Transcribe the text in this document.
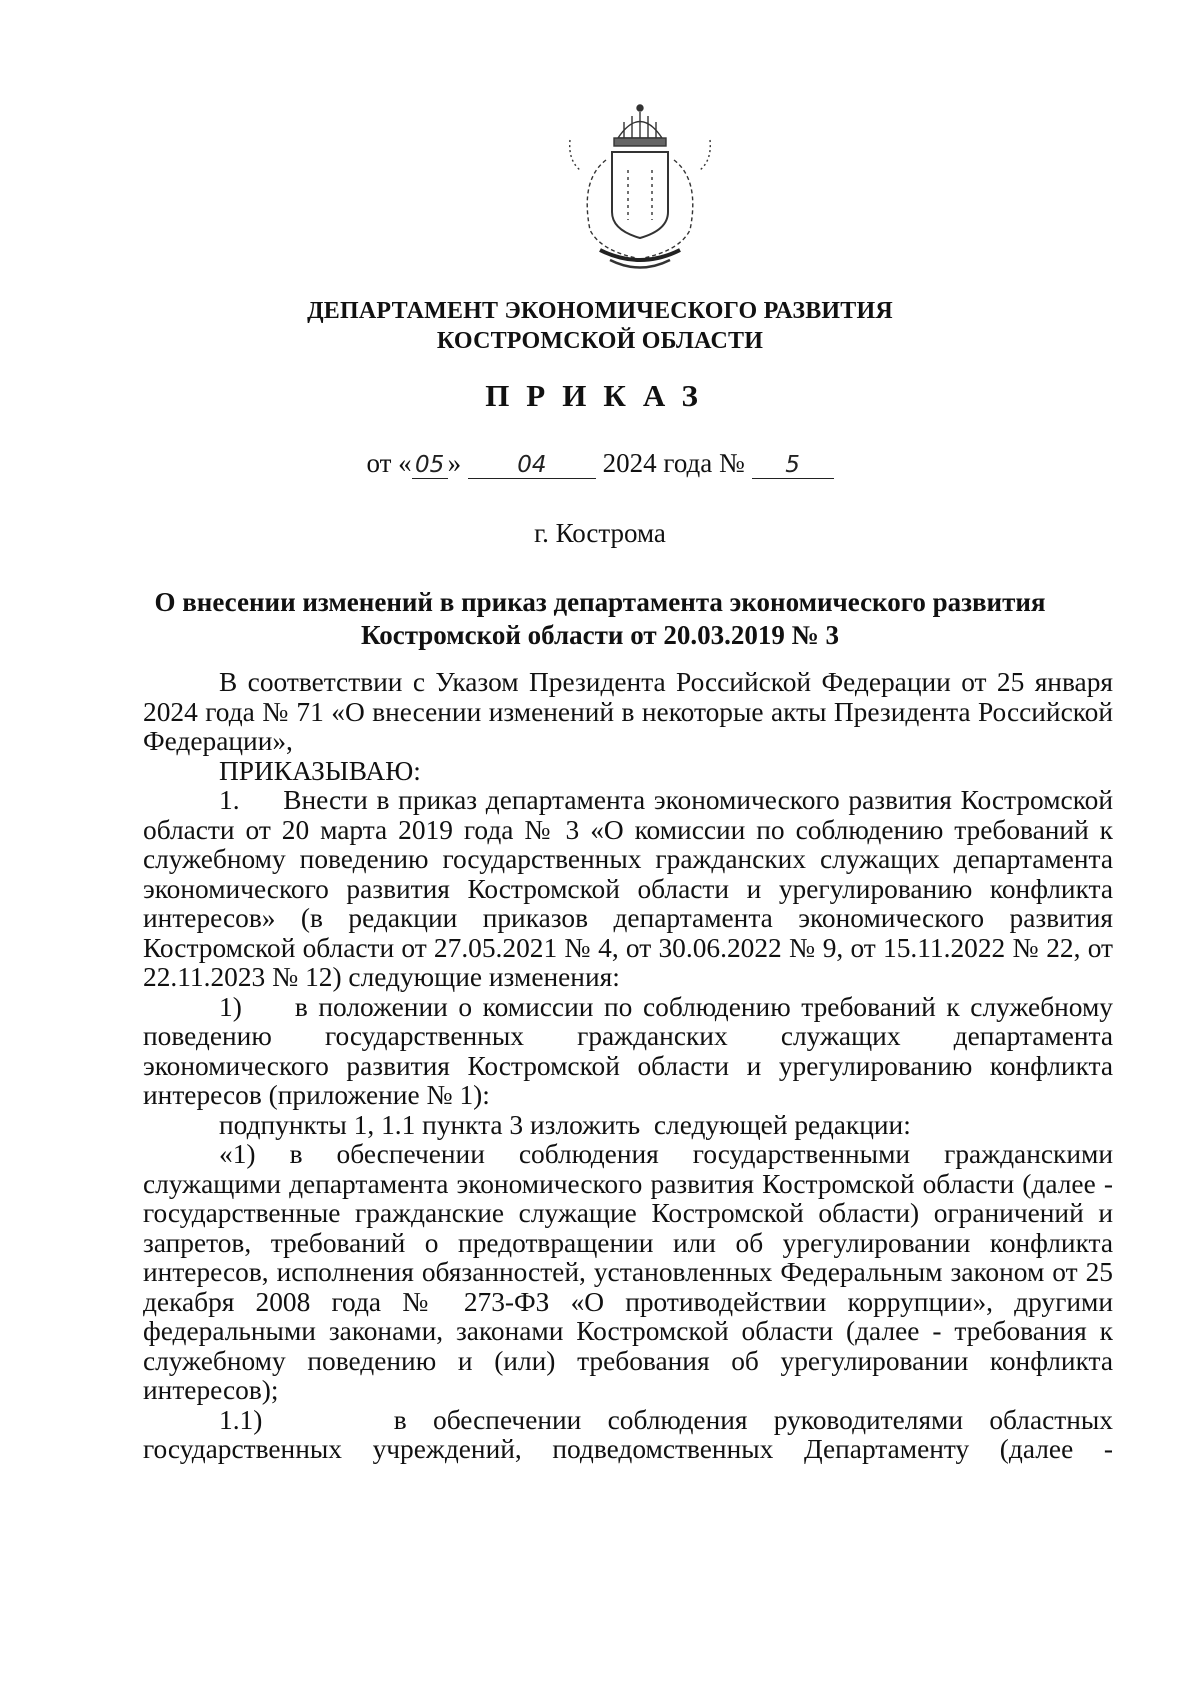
ДЕПАРТАМЕНТ ЭКОНОМИЧЕСКОГО РАЗВИТИЯ
КОСТРОМСКОЙ ОБЛАСТИ
ПРИКАЗ
от « 05 » 04 2024 года № 5
г. Кострома
О внесении изменений в приказ департамента экономического развития
Костромской области от 20.03.2019 № 3

В соответствии с Указом Президента Российской Федерации от 25 января 2024 года № 71 «О внесении изменений в некоторые акты Президента Российской Федерации»,

ПРИКАЗЫВАЮ:

1.     Внести в приказ департамента экономического развития Костромской области от 20 марта 2019 года № 3 «О комиссии по соблюдению требований к служебному поведению государственных гражданских служащих департамента экономического развития Костромской области и урегулированию конфликта интересов» (в редакции приказов департамента экономического развития Костромской области от 27.05.2021 № 4, от 30.06.2022 № 9, от 15.11.2022 № 22, от 22.11.2023 № 12) следующие изменения:

1)     в положении о комиссии по соблюдению требований к служебному поведению государственных гражданских служащих департамента экономического развития Костромской области и урегулированию конфликта интересов (приложение № 1):

подпункты 1, 1.1 пункта 3 изложить  следующей редакции:

«1) в обеспечении соблюдения государственными гражданскими служащими департамента экономического развития Костромской области (далее - государственные гражданские служащие Костромской области) ограничений и запретов, требований о предотвращении или об урегулировании конфликта интересов, исполнения обязанностей, установленных Федеральным законом от 25 декабря 2008 года № 273-ФЗ «О противодействии коррупции», другими федеральными законами, законами Костромской области (далее - требования к служебному поведению и (или) требования об урегулировании конфликта интересов);

1.1)     в обеспечении соблюдения руководителями областных государственных учреждений, подведомственных Департаменту (далее -
